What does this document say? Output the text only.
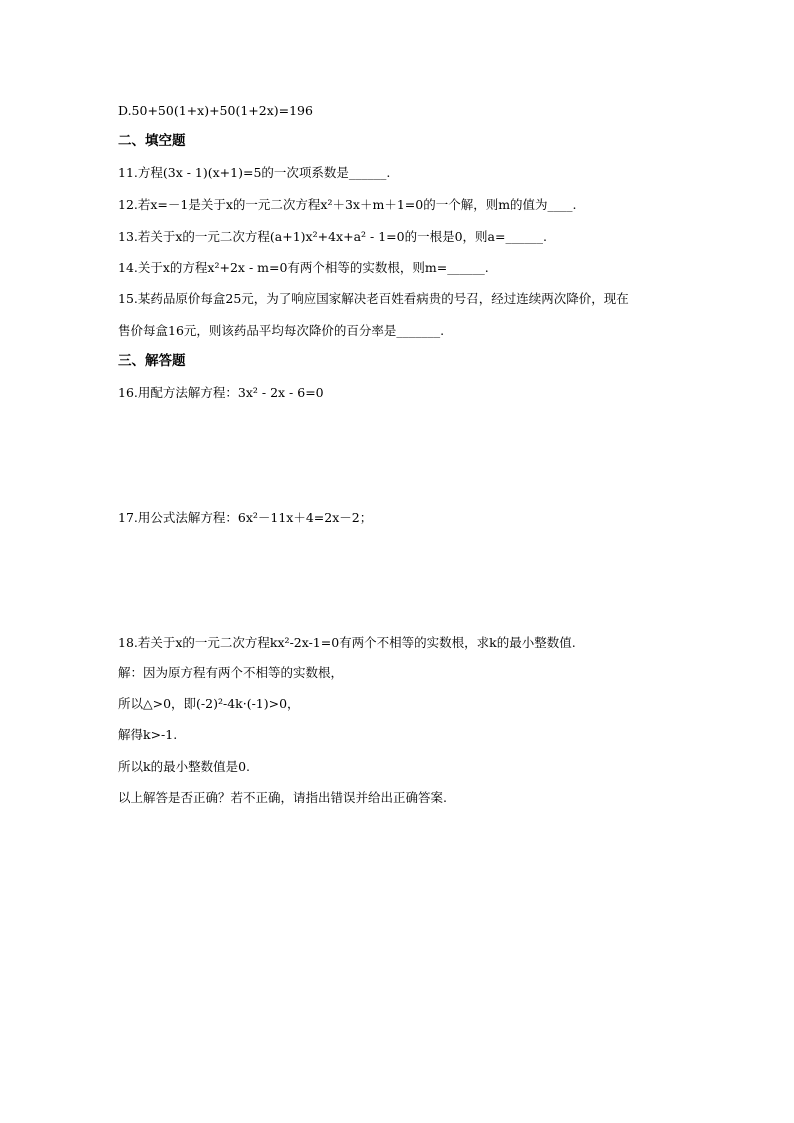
D.50+50(1+x)+50(1+2x)=196
二、填空题
11.方程(3x - 1)(x+1)=5的一次项系数是______.
12.若x=－1是关于x的一元二次方程x²＋3x＋m＋1=0的一个解，则m的值为____.
13.若关于x的一元二次方程(a+1)x²+4x+a² - 1=0的一根是0，则a=______.
14.关于x的方程x²+2x - m=0有两个相等的实数根，则m=______.
15.某药品原价每盒25元，为了响应国家解决老百姓看病贵的号召，经过连续两次降价，现在
售价每盒16元，则该药品平均每次降价的百分率是_______.
三、解答题
16.用配方法解方程：3x² - 2x - 6=0
17.用公式法解方程：6x²－11x＋4=2x－2；
18.若关于x的一元二次方程kx²-2x-1=0有两个不相等的实数根，求k的最小整数值.
解：因为原方程有两个不相等的实数根，
所以△>0，即(-2)²-4k·(-1)>0，
解得k>-1.
所以k的最小整数值是0.
以上解答是否正确？若不正确，请指出错误并给出正确答案.
